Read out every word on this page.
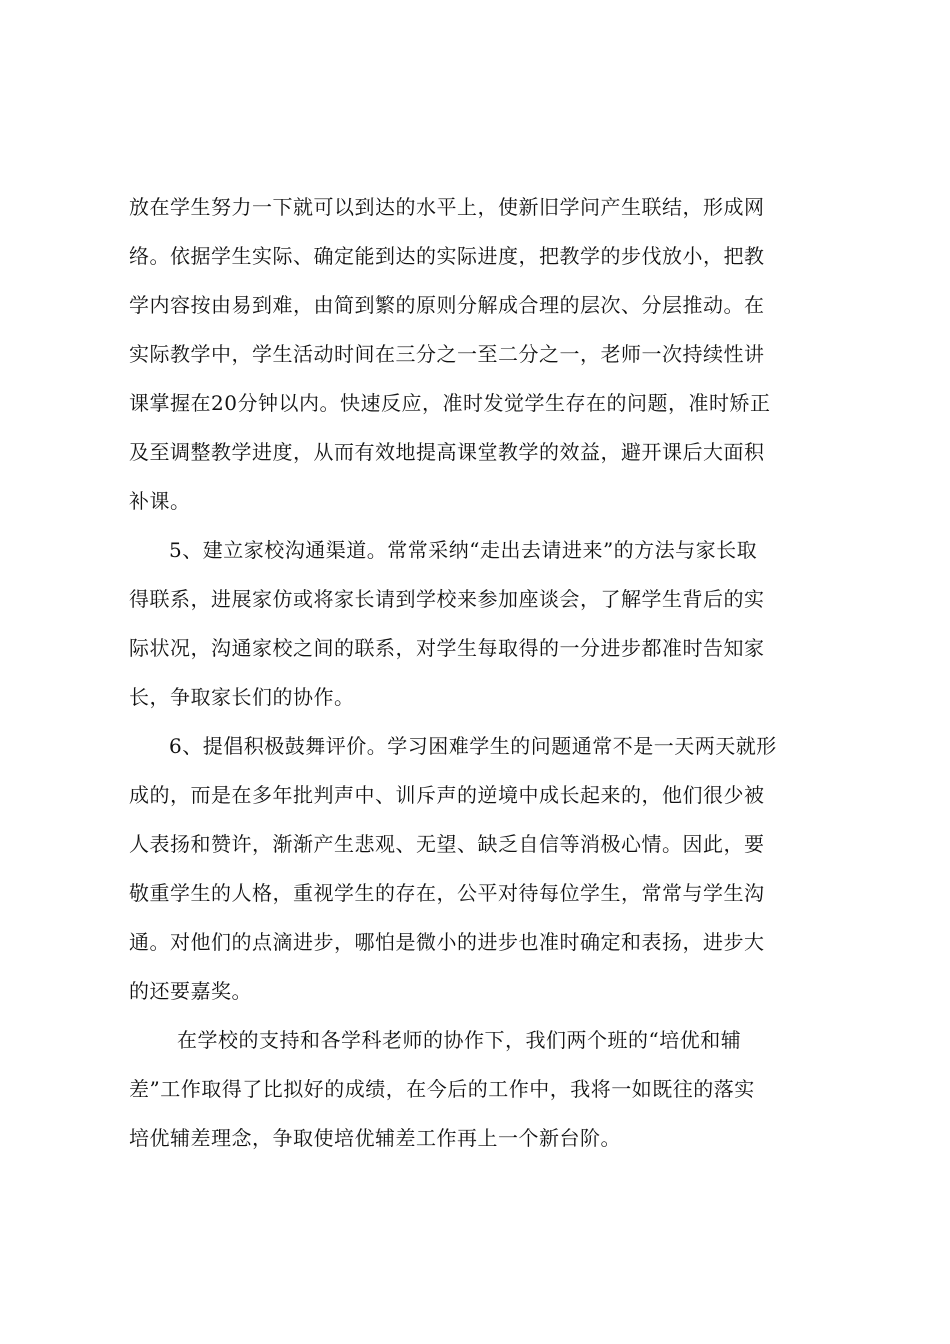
放在学生努力一下就可以到达的水平上，使新旧学问产生联结，形成网
络。依据学生实际、确定能到达的实际进度，把教学的步伐放小，把教
学内容按由易到难，由简到繁的原则分解成合理的层次、分层推动。在
实际教学中，学生活动时间在三分之一至二分之一，老师一次持续性讲
课掌握在20分钟以内。快速反应，准时发觉学生存在的问题，准时矫正
及至调整教学进度，从而有效地提高课堂教学的效益，避开课后大面积
补课。
5、建立家校沟通渠道。常常采纳“走出去请进来”的方法与家长取
得联系，进展家仿或将家长请到学校来参加座谈会，了解学生背后的实
际状况，沟通家校之间的联系，对学生每取得的一分进步都准时告知家
长，争取家长们的协作。
6、提倡积极鼓舞评价。学习困难学生的问题通常不是一天两天就形
成的，而是在多年批判声中、训斥声的逆境中成长起来的，他们很少被
人表扬和赞许，渐渐产生悲观、无望、缺乏自信等消极心情。因此，要
敬重学生的人格，重视学生的存在，公平对待每位学生，常常与学生沟
通。对他们的点滴进步，哪怕是微小的进步也准时确定和表扬，进步大
的还要嘉奖。
在学校的支持和各学科老师的协作下，我们两个班的“培优和辅
差”工作取得了比拟好的成绩，在今后的工作中，我将一如既往的落实
培优辅差理念，争取使培优辅差工作再上一个新台阶。
